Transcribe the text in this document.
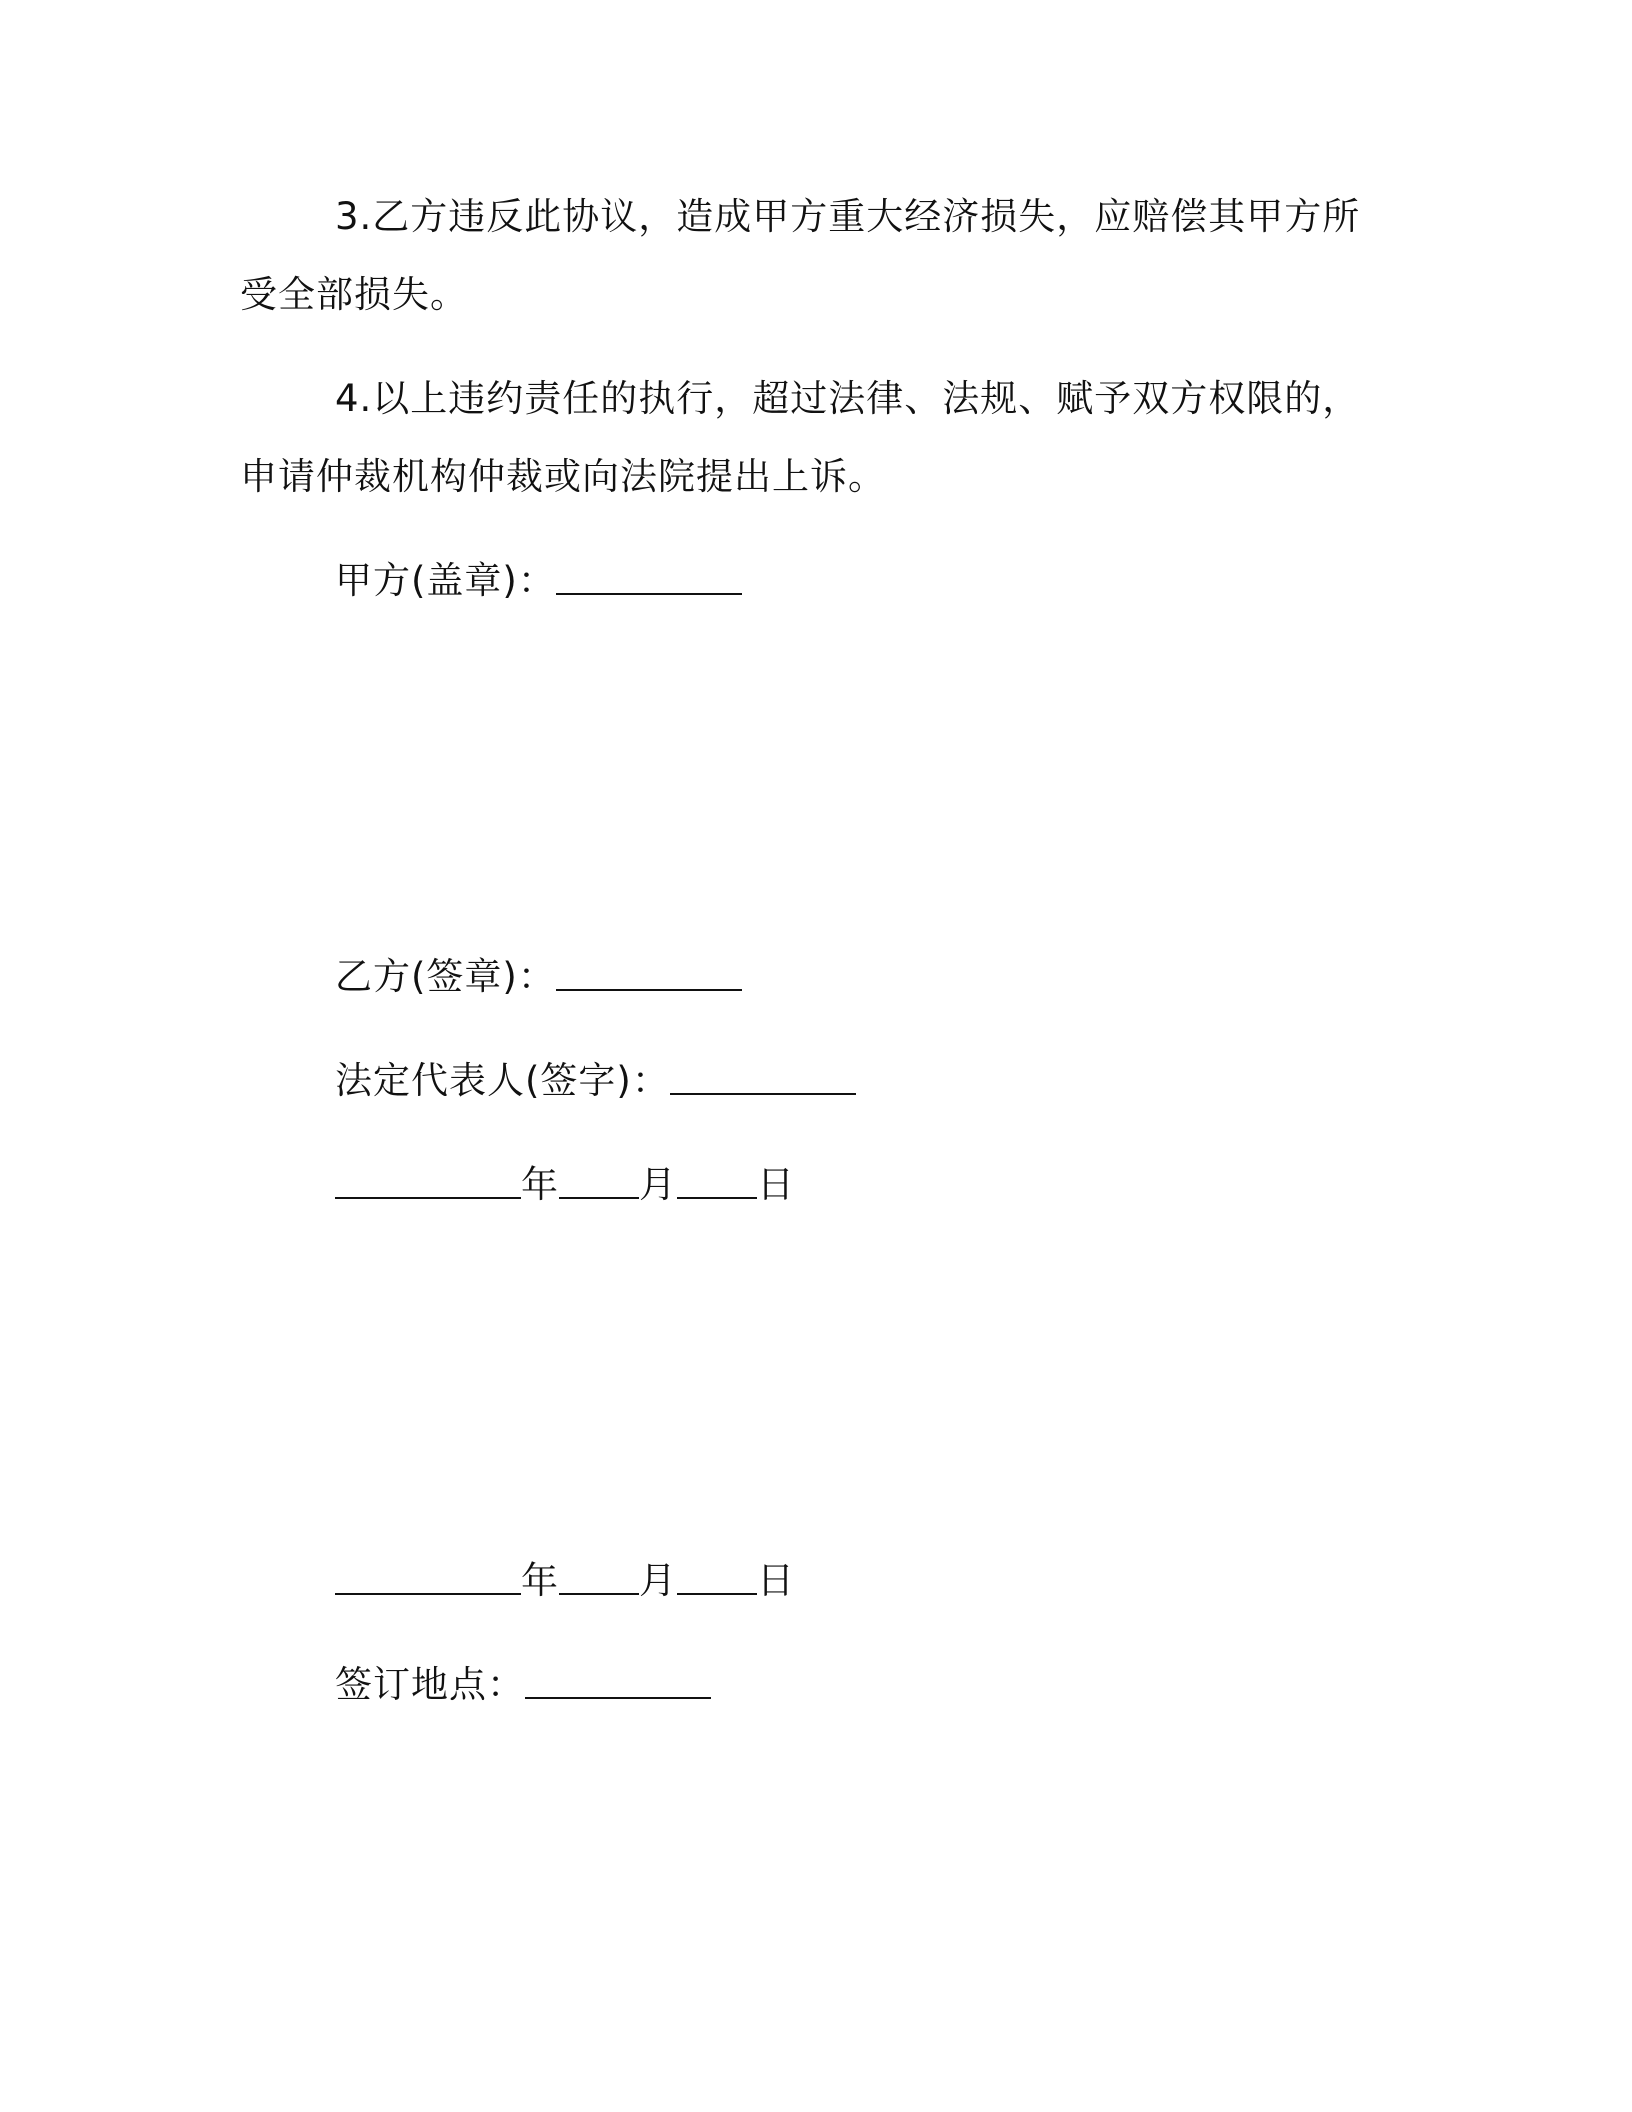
3.乙方违反此协议，造成甲方重大经济损失，应赔偿其甲方所受全部损失。

4.以上违约责任的执行，超过法律、法规、赋予双方权限的，申请仲裁机构仲裁或向法院提出上诉。

甲方(盖章)：

乙方(签章)：

法定代表人(签字)：

年 月 日

年 月 日

签订地点：
